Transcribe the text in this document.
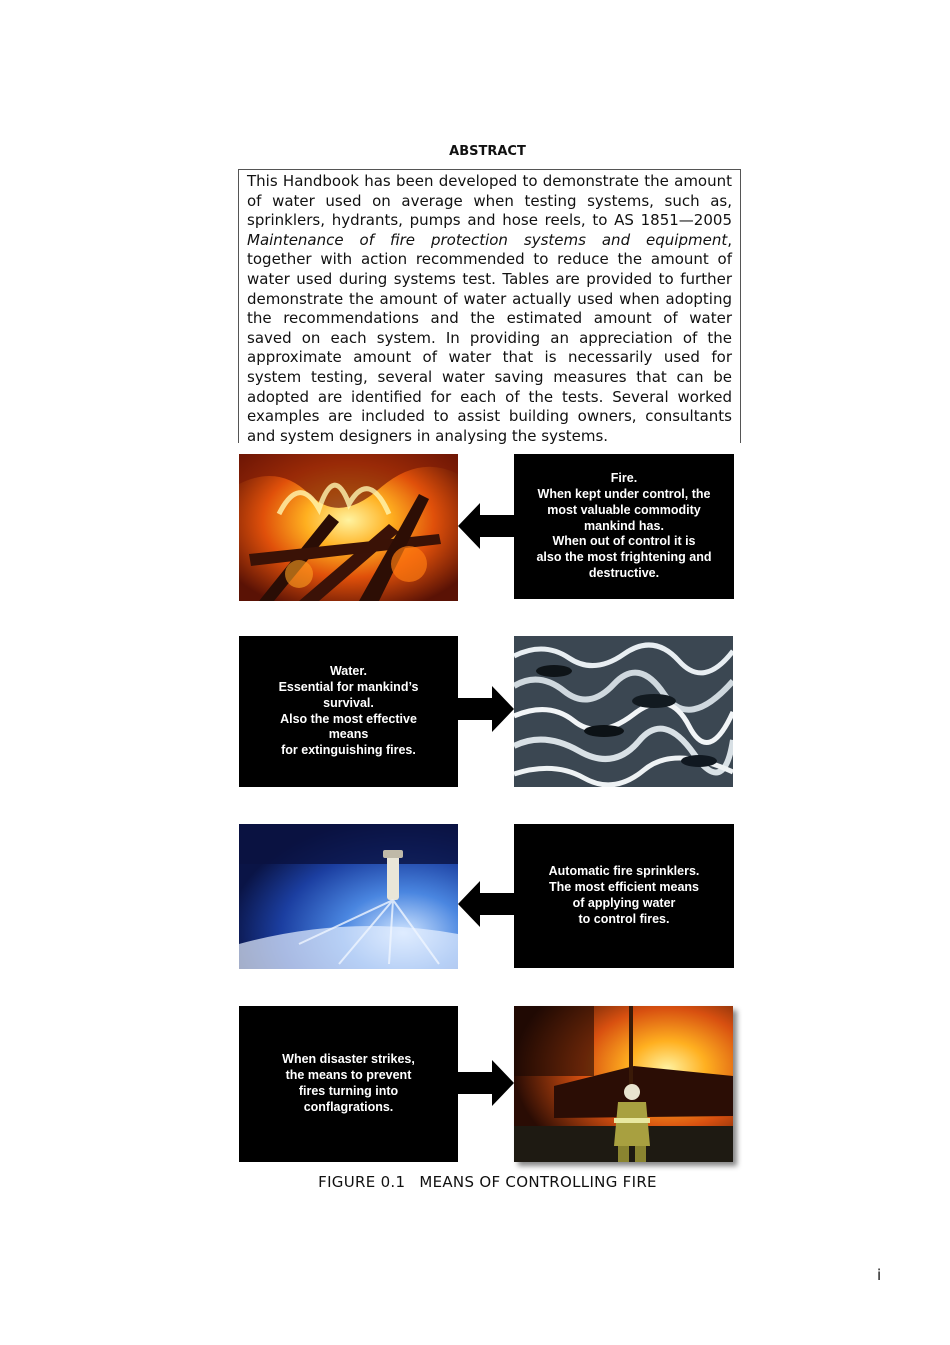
ABSTRACT

This Handbook has been developed to demonstrate the amount of water used on average when testing systems, such as, sprinklers, hydrants, pumps and hose reels, to AS 1851—2005 Maintenance of fire protection systems and equipment, together with action recommended to reduce the amount of water used during systems test. Tables are provided to further demonstrate the amount of water actually used when adopting the recommendations and the estimated amount of water saved on each system. In providing an appreciation of the approximate amount of water that is necessarily used for system testing, several water saving measures that can be adopted are identified for each of the tests. Several worked examples are included to assist building owners, consultants and system designers in analysing the systems.

Fire.
When kept under control, the
most valuable commodity
mankind has.
When out of control it is
also the most frightening and
destructive.
Water.
Essential for mankind’s
survival.
Also the most effective
means
for extinguishing fires.
Automatic fire sprinklers.
The most efficient means
of applying water
to control fires.
When disaster strikes,
the means to prevent
fires turning into
conflagrations.
FIGURE 0.1 MEANS OF CONTROLLING FIRE
i
